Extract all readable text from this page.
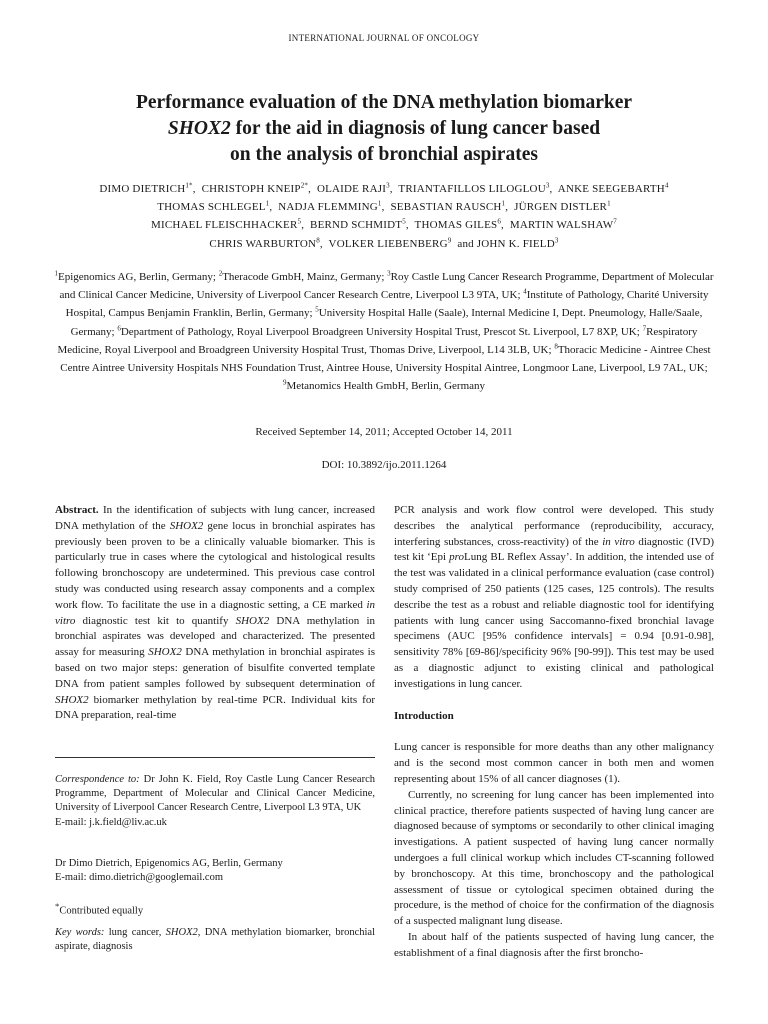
INTERNATIONAL JOURNAL OF ONCOLOGY
Performance evaluation of the DNA methylation biomarker
SHOX2 for the aid in diagnosis of lung cancer based
on the analysis of bronchial aspirates
DIMO $DIETRICH^{1*}$,  CHRISTOPH $KNEIP^{2*}$,  OLAIDE RAJI$^3$,  TRIANTAFILLOS LILOGLOU$^3$,  ANKE SEEGEBARTH$^4$
THOMAS SCHLEGEL$^1$,  NADJA FLEMMING$^1$,  SEBASTIAN RAUSCH$^1$,  JÜRGEN DISTLER$^1$
MICHAEL FLEISCHHACKER$^5$,  BERND SCHMIDT$^5$,  THOMAS GILES$^6$,  MARTIN WALSHAW$^7$
CHRIS WARBURTON$^8$,  VOLKER LIEBENBERG$^9$ and JOHN K. FIELD$^3$
$^1$Epigenomics AG, Berlin, Germany; $^2$Theracode GmbH, Mainz, Germany; $^3$Roy Castle Lung Cancer Research Programme, Department of Molecular and Clinical Cancer Medicine, University of Liverpool Cancer Research Centre, Liverpool L3 9TA, UK; $^4$Institute of Pathology, Charité University Hospital, Campus Benjamin Franklin, Berlin, Germany; $^5$University Hospital Halle (Saale), Internal Medicine I, Dept. Pneumology, Halle/Saale, Germany; $^6$Department of Pathology, Royal Liverpool Broadgreen University Hospital Trust, Prescot St. Liverpool, L7 8XP, UK; $^7$Respiratory Medicine, Royal Liverpool and Broadgreen University Hospital Trust, Thomas Drive, Liverpool, L14 3LB, UK; $^8$Thoracic Medicine - Aintree Chest Centre Aintree University Hospitals NHS Foundation Trust, Aintree House, University Hospital Aintree, Longmoor Lane, Liverpool, L9 7AL, UK; $^9$Metanomics Health GmbH, Berlin, Germany
Received September 14, 2011; Accepted October 14, 2011
DOI: 10.3892/ijo.2011.1264

Abstract. In the identification of subjects with lung cancer, increased DNA methylation of the SHOX2 gene locus in bronchial aspirates has previously been proven to be a clinically valuable biomarker. This is particularly true in cases where the cytological and histological results following bronchoscopy are undetermined. This previous case control study was conducted using research assay components and a complex work flow. To facilitate the use in a diagnostic setting, a CE marked in vitro diagnostic test kit to quantify SHOX2 DNA methylation in bronchial aspirates was developed and characterized. The presented assay for measuring SHOX2 DNA methylation in bronchial aspirates is based on two major steps: generation of bisulfite converted template DNA from patient samples followed by subsequent determination of SHOX2 biomarker methylation by real-time PCR. Individual kits for DNA preparation, real-time

Correspondence to: Dr John K. Field, Roy Castle Lung Cancer Research Programme, Department of Molecular and Clinical Cancer Medicine, University of Liverpool Cancer Research Centre, Liverpool L3 9TA, UK

E-mail: j.k.field@liv.ac.uk

Dr Dimo Dietrich, Epigenomics AG, Berlin, Germany

E-mail: dimo.dietrich@googlemail.com

*Contributed equally

Key words: lung cancer, SHOX2, DNA methylation biomarker, bronchial aspirate, diagnosis

PCR analysis and work flow control were developed. This study describes the analytical performance (reproducibility, accuracy, interfering substances, cross-reactivity) of the in vitro diagnostic (IVD) test kit ‘Epi proLung BL Reflex Assay’. In addition, the intended use of the test was validated in a clinical performance evaluation (case control) study comprised of 250 patients (125 cases, 125 controls). The results describe the test as a robust and reliable diagnostic tool for identifying patients with lung cancer using Saccomanno-fixed bronchial lavage specimens (AUC [95% confidence intervals] = 0.94 [0.91-0.98], sensitivity 78% [69-86]/specificity 96% [90-99]). This test may be used as a diagnostic adjunct to existing clinical and pathological investigations in lung cancer.

Introduction

Lung cancer is responsible for more deaths than any other malignancy and is the second most common cancer in both men and women representing about 15% of all cancer diagnoses (1).

Currently, no screening for lung cancer has been implemented into clinical practice, therefore patients suspected of having lung cancer are diagnosed because of symptoms or secondarily to other clinical imaging investigations. A patient suspected of having lung cancer normally undergoes a full clinical workup which includes CT-scanning followed by bronchoscopy. At this time, bronchoscopy and the pathological assessment of tissue or cytological specimen obtained during the procedure, is the method of choice for the confirmation of the diagnosis of a suspected malignant lung disease.

In about half of the patients suspected of having lung cancer, the establishment of a final diagnosis after the first broncho-
